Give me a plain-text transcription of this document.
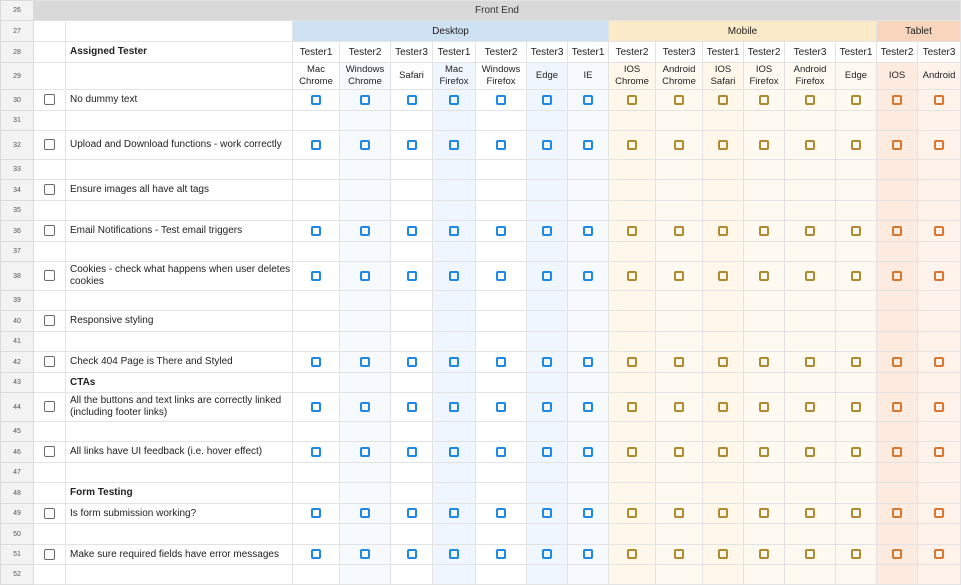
26	Front End																
27			Desktop							Mobile						Tablet	
28		Assigned Tester	Tester1	Tester2	Tester3	Tester1	Tester2	Tester3	Tester1	Tester2	Tester3	Tester1	Tester2	Tester3	Tester1	Tester2	Tester3
29			Mac Chrome	Windows Chrome	Safari	Mac Firefox	Windows Firefox	Edge	IE	IOS Chrome	Android Chrome	IOS Safari	IOS Firefox	Android Firefox	Edge	IOS	Android
30		No dummy text															
31																	
32		Upload and Download functions - work correctly															
33																	
34		Ensure images all have alt tags															
35																	
36		Email Notifications - Test email triggers															
37																	
38		Cookies - check what happens when user deletes cookies															
39																	
40		Responsive styling															
41																	
42		Check 404 Page is There and Styled															
43		CTAs															
44		All the buttons and text links are correctly linked (including footer links)															
45																	
46		All links have UI feedback (i.e. hover effect)															
47																	
48		Form Testing															
49		Is form submission working?															
50																	
51		Make sure required fields have error messages															
52																	
